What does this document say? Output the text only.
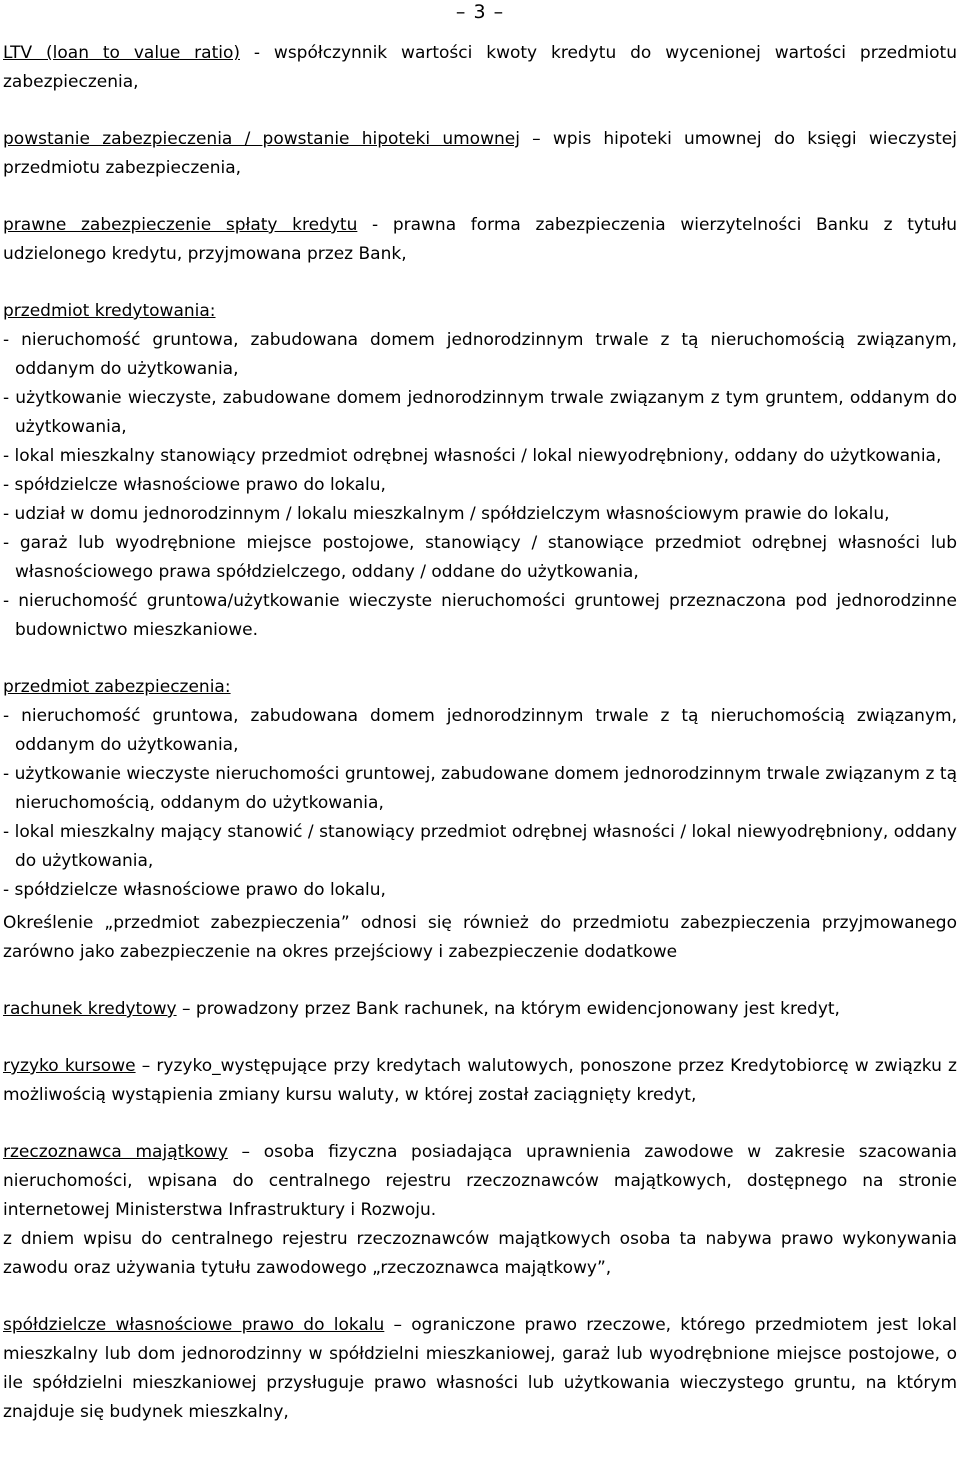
– 3 –

LTV (loan to value ratio) - współczynnik wartości kwoty kredytu do wycenionej wartości przedmiotu zabezpieczenia,

powstanie zabezpieczenia / powstanie hipoteki umownej – wpis hipoteki umownej do księgi wieczystej przedmiotu zabezpieczenia,

prawne zabezpieczenie spłaty kredytu - prawna forma zabezpieczenia wierzytelności Banku z tytułu udzielonego kredytu, przyjmowana przez Bank,

przedmiot kredytowania:

- nieruchomość gruntowa, zabudowana domem jednorodzinnym trwale z tą nieruchomością związanym, oddanym do użytkowania,

- użytkowanie wieczyste, zabudowane domem jednorodzinnym trwale związanym z tym gruntem, oddanym do użytkowania,

- lokal mieszkalny stanowiący przedmiot odrębnej własności / lokal niewyodrębniony, oddany do użytkowania,

- spółdzielcze własnościowe prawo do lokalu,

- udział w domu jednorodzinnym / lokalu mieszkalnym / spółdzielczym własnościowym prawie do lokalu,

- garaż lub wyodrębnione miejsce postojowe, stanowiący / stanowiące przedmiot odrębnej własności lub własnościowego prawa spółdzielczego, oddany / oddane do użytkowania,

- nieruchomość gruntowa/użytkowanie wieczyste nieruchomości gruntowej przeznaczona pod jednorodzinne budownictwo mieszkaniowe.

przedmiot zabezpieczenia:

- nieruchomość gruntowa, zabudowana domem jednorodzinnym trwale z tą nieruchomością związanym, oddanym do użytkowania,

- użytkowanie wieczyste nieruchomości gruntowej, zabudowane domem jednorodzinnym trwale związanym z tą nieruchomością, oddanym do użytkowania,

- lokal mieszkalny mający stanowić / stanowiący przedmiot odrębnej własności / lokal niewyodrębniony, oddany do użytkowania,

- spółdzielcze własnościowe prawo do lokalu,

Określenie „przedmiot zabezpieczenia” odnosi się również do przedmiotu zabezpieczenia przyjmowanego zarówno jako zabezpieczenie na okres przejściowy i zabezpieczenie dodatkowe

rachunek kredytowy – prowadzony przez Bank rachunek, na którym ewidencjonowany jest kredyt,

ryzyko kursowe – ryzyko_występujące przy kredytach walutowych, ponoszone przez Kredytobiorcę w związku z możliwością wystąpienia zmiany kursu waluty, w której został zaciągnięty kredyt,

rzeczoznawca majątkowy – osoba fizyczna posiadająca uprawnienia zawodowe w zakresie szacowania nieruchomości, wpisana do centralnego rejestru rzeczoznawców majątkowych, dostępnego na stronie internetowej Ministerstwa Infrastruktury i Rozwoju.

z dniem wpisu do centralnego rejestru rzeczoznawców majątkowych osoba ta nabywa prawo wykonywania zawodu oraz używania tytułu zawodowego „rzeczoznawca majątkowy”,

spółdzielcze własnościowe prawo do lokalu – ograniczone prawo rzeczowe, którego przedmiotem jest lokal mieszkalny lub dom jednorodzinny w spółdzielni mieszkaniowej, garaż lub wyodrębnione miejsce postojowe, o ile spółdzielni mieszkaniowej przysługuje prawo własności lub użytkowania wieczystego gruntu, na którym znajduje się budynek mieszkalny,
